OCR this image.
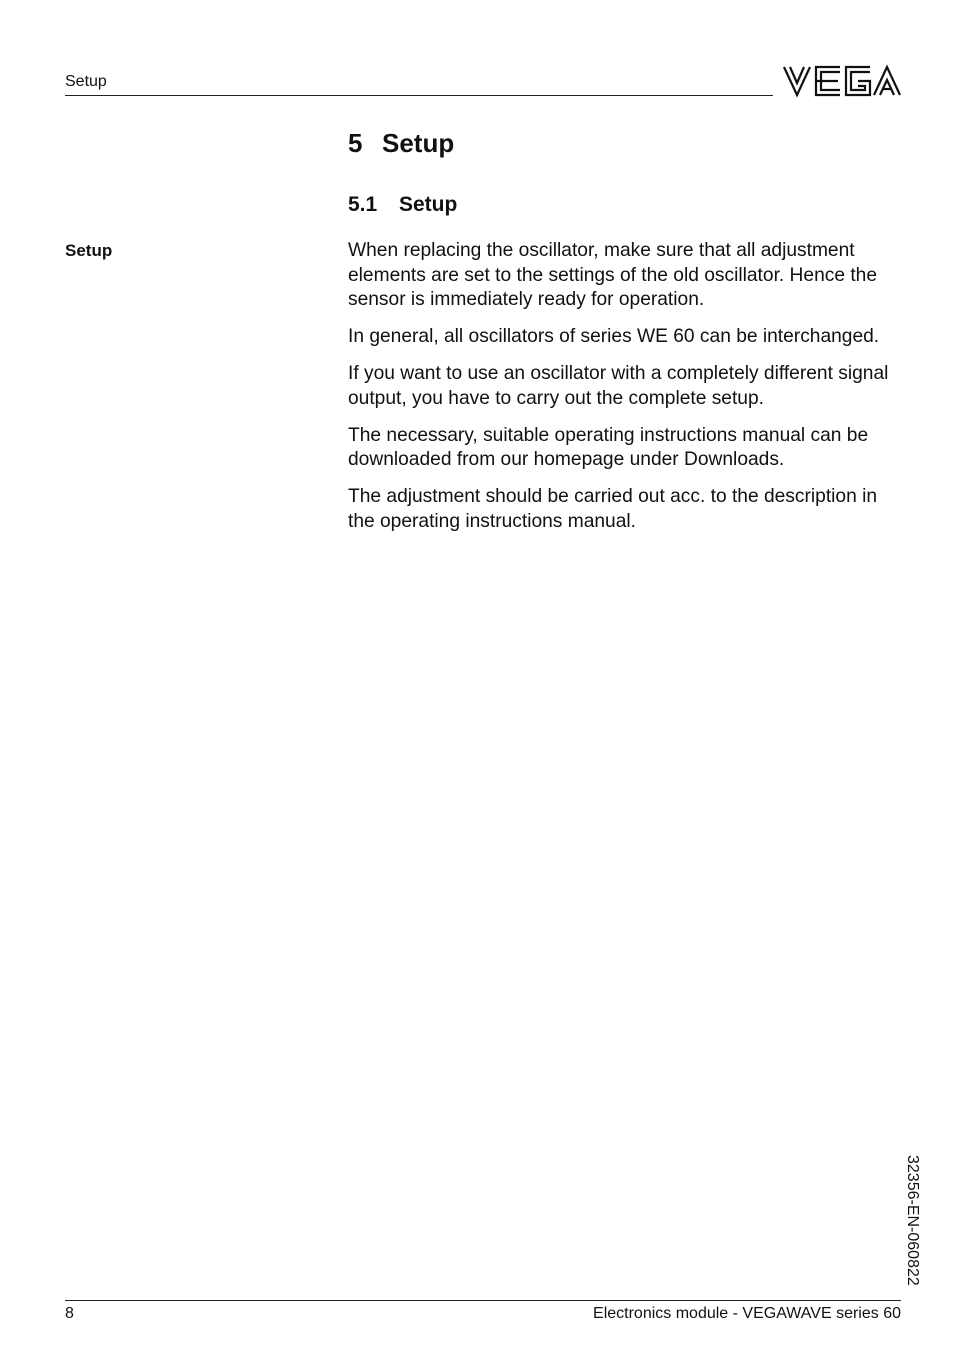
Setup
5 Setup
5.1 Setup
Setup	When replacing the oscillator, make sure that all adjustment elements are set to the settings of the old oscillator. Hence the sensor is immediately ready for operation.

In general, all oscillators of series WE 60 can be interchanged.

If you want to use an oscillator with a completely different signal output, you have to carry out the complete setup.

The necessary, suitable operating instructions manual can be downloaded from our homepage under Downloads.

The adjustment should be carried out acc. to the description in the operating instructions manual.

32356-EN-060822
8	Electronics module - VEGAWAVE series 60
